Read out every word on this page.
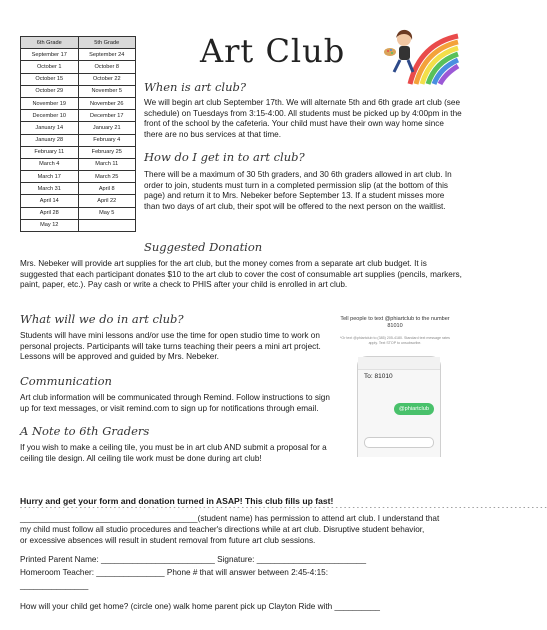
6th Grade	5th Grade
September 17	September 24
October 1	October 8
October 15	October 22
October 29	November 5
November 19	November 26
December 10	December 17
January 14	January 21
January 28	February 4
February 11	February 25
March 4	March 11
March 17	March 25
March 31	April 8
April 14	April 22
April 28	May 5
May 12	
Art Club
When is art club?

We will begin art club September 17th. We will alternate 5th and 6th grade art club (see schedule) on Tuesdays from 3:15-4:00. All students must be picked up by 4:00pm in the front of the school by the cafeteria. Your child must have their own way home since there are no bus services at that time.

How do I get in to art club?

There will be a maximum of 30 5th graders, and 30 6th graders allowed in art club. In order to join, students must turn in a completed permission slip (at the bottom of this page) and return it to Mrs. Nebeker before September 13. If a student misses more than two days of art club, their spot will be offered to the next person on the waitlist.

Suggested Donation

Mrs. Nebeker will provide art supplies for the art club, but the money comes from a separate art club budget. It is suggested that each participant donates $10 to the art club to cover the cost of consumable art supplies (pencils, markers, paint, paper, etc.). Pay cash or write a check to PHIS after your child is enrolled in art club.

What will we do in art club?

Students will have mini lessons and/or use the time for open studio time to work on personal projects. Participants will take turns teaching their peers a mini art project. Lessons will be approved and guided by Mrs. Nebeker.

Communication

Art club information will be communicated through Remind. Follow instructions to sign up for text messages, or visit remind.com to sign up for notifications through email.

A Note to 6th Graders

If you wish to make a ceiling tile, you must be in art club AND submit a proposal for a ceiling tile design. All ceiling tile work must be done during art club!

Tell people to text @phiartclub to the number 81010
*Or text @phiartclub to (385) 205-4180. Standard text message rates apply. Text STOP to unsubscribe.
To: 81010
@phiartclub
Hurry and get your form and donation turned in ASAP! This club fills up fast!
- - - - - - - - - - - - - - - - - - - - - - - - - - - - - - - - - - - - - - - - - - - - - - - - - - - - - - - - - - - - - - - - - - - - - - - - - - - - - - - - - - - - - - - - - - - - - - - - - - - - - - - - - - - - - - - - - - - - - - - - - - - -
_______________________________________(student name) has permission to attend art club. I understand that
my child must follow all studio procedures and teacher's directions while at art club. Disruptive student behavior,
or excessive absences will result in student removal from future art club sessions.
Printed Parent Name: _________________________ Signature: ________________________
Homeroom Teacher: _______________ Phone # that will answer between 2:45-4:15:
_______________
How will your child get home? (circle one) walk home parent pick up Clayton Ride with __________
